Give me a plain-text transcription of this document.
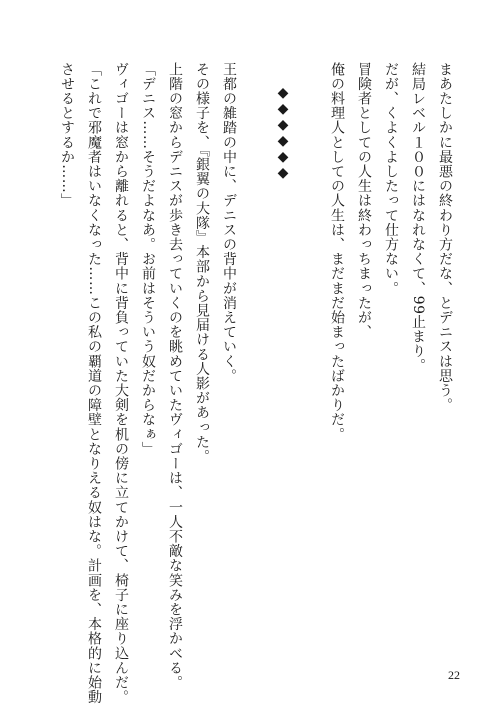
まあたしかに最悪の終わり方だな、とデニスは思う。

結局レベル１００にはなれなくて、99止まり。

だが、くよくよしたって仕方ない。

冒険者としての人生は終わっちまったが、

俺の料理人としての人生は、まだまだ始まったばかりだ。

◆◆◆◆◆◆

王都の雑踏の中に、デニスの背中が消えていく。

その様子を、『銀翼の大隊』本部から見届ける人影があった。

上階の窓からデニスが歩き去っていくのを眺めていたヴィゴーは、一人不敵な笑みを浮かべる。

「デニス……そうだよなあ。お前はそういう奴だからなぁ」

ヴィゴーは窓から離れると、背中に背負っていた大剣を机の傍に立てかけて、椅子に座り込んだ。

「これで邪魔者はいなくなった……この私の覇道の障壁となりえる奴はな。計画を、本格的に始動

させるとするか……」

22
